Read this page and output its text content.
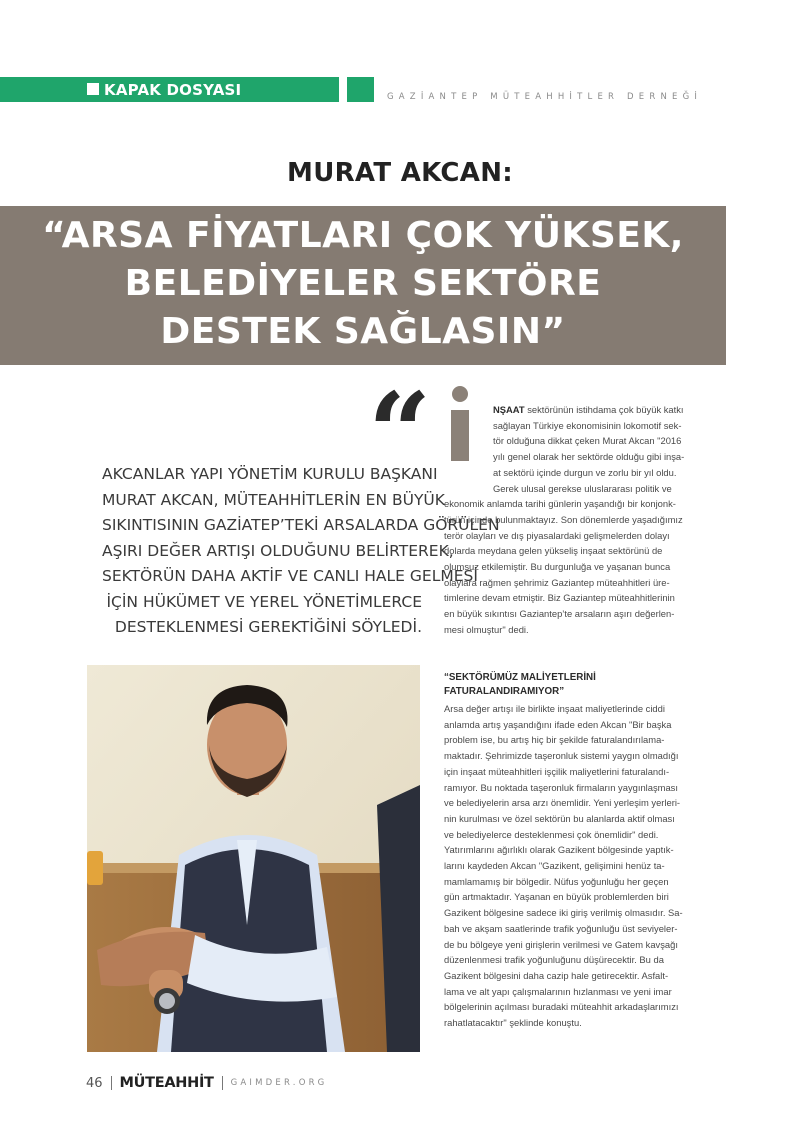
KAPAK DOSYASI	GAZİANTEP MÜTEAHHİTLER DERNEĞİ
MURAT AKCAN:
“ARSA FİYATLARI ÇOK YÜKSEK,
BELEDİYELER SEKTÖRE
DESTEK SAĞLASIN”
“
AKCANLAR YAPI YÖNETİM KURULU BAŞKANI
MURAT AKCAN, MÜTEAHHİTLERİN EN BÜYÜK
SIKINTISININ GAZİATEP’TEKİ ARSALARDA GÖRÜLEN
AŞIRI DEĞER ARTIŞI OLDUĞUNU BELİRTEREK,
SEKTÖRÜN DAHA AKTİF VE CANLI HALE GELMESİ
İÇİN HÜKÜMET VE YEREL YÖNETİMLERCE
DESTEKLENMESİ GEREKTİĞİNİ SÖYLEDİ.
NŞAAT sektörünün istihdama çok büyük katkı
sağlayan Türkiye ekonomisinin lokomotif sek-
tör olduğuna dikkat çeken Murat Akcan "2016
yılı genel olarak her sektörde olduğu gibi inşa-
at sektörü içinde durgun ve zorlu bir yıl oldu.
Gerek ulusal gerekse uluslararası politik ve
ekonomik anlamda tarihi günlerin yaşandığı bir konjonk-
türün içinde bulunmaktayız. Son dönemlerde yaşadığımız
terör olayları ve dış piyasalardaki gelişmelerden dolayı
dolarda meydana gelen yükseliş inşaat sektörünü de
olumsuz etkilemiştir. Bu durgunluğa ve yaşanan bunca
olaylara rağmen şehrimiz Gaziantep müteahhitleri üre-
timlerine devam etmiştir. Biz Gaziantep müteahhitlerinin
en büyük sıkıntısı Gaziantep’te arsaların aşırı değerlen-
mesi olmuştur" dedi.
“SEKTÖRÜMÜZ MALİYETLERİNİ
FATURALANDIRAMIYOR”
Arsa değer artışı ile birlikte inşaat maliyetlerinde ciddi
anlamda artış yaşandığını ifade eden Akcan "Bir başka
problem ise, bu artış hiç bir şekilde faturalandırılama-
maktadır. Şehrimizde taşeronluk sistemi yaygın olmadığı
için inşaat müteahhitleri işçilik maliyetlerini faturalandı-
ramıyor. Bu noktada taşeronluk firmaların yaygınlaşması
ve belediyelerin arsa arzı önemlidir. Yeni yerleşim yerleri-
nin kurulması ve özel sektörün bu alanlarda aktif olması
ve belediyelerce desteklenmesi çok önemlidir" dedi.
Yatırımlarını ağırlıklı olarak Gazikent bölgesinde yaptık-
larını kaydeden Akcan "Gazikent, gelişimini henüz ta-
mamlamamış bir bölgedir. Nüfus yoğunluğu her geçen
gün artmaktadır. Yaşanan en büyük problemlerden biri
Gazikent bölgesine sadece iki giriş verilmiş olmasıdır. Sa-
bah ve akşam saatlerinde trafik yoğunluğu üst seviyeler-
de bu bölgeye yeni girişlerin verilmesi ve Gatem kavşağı
düzenlenmesi trafik yoğunluğunu düşürecektir. Bu da
Gazikent bölgesini daha cazip hale getirecektir. Asfalt-
lama ve alt yapı çalışmalarının hızlanması ve yeni imar
bölgelerinin açılması buradaki müteahhit arkadaşlarımızı
rahatlatacaktır" şeklinde konuştu.
46 MÜTEAHHİT GAIMDER.ORG
